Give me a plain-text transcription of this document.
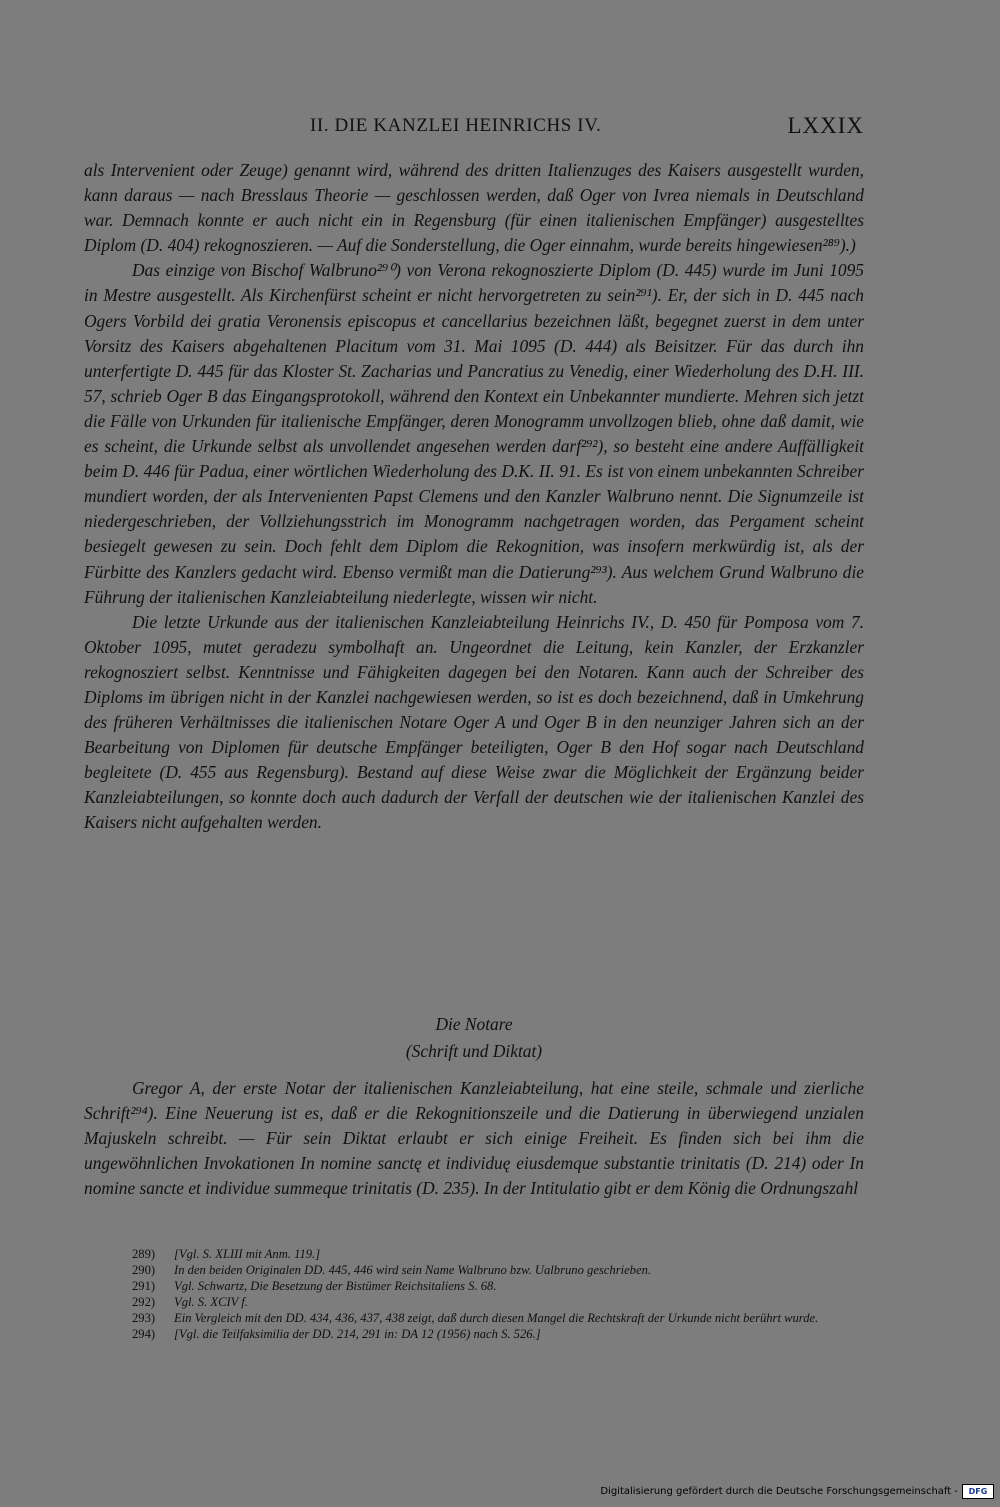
II. DIE KANZLEI HEINRICHS IV.	LXXIX

als Intervenient oder Zeuge) genannt wird, während des dritten Italienzuges des Kaisers ausgestellt wurden, kann daraus — nach Bresslaus Theorie — geschlossen werden, daß Oger von Ivrea niemals in Deutschland war. Demnach konnte er auch nicht ein in Regensburg (für einen italienischen Empfänger) ausgestelltes Diplom (D. 404) rekognoszieren. — Auf die Sonderstellung, die Oger einnahm, wurde bereits hingewiesen²⁸⁹).)

Das einzige von Bischof Walbruno²⁹⁰) von Verona rekognoszierte Diplom (D. 445) wurde im Juni 1095 in Mestre ausgestellt. Als Kirchenfürst scheint er nicht hervorgetreten zu sein²⁹¹). Er, der sich in D. 445 nach Ogers Vorbild dei gratia Veronensis episcopus et cancellarius bezeichnen läßt, begegnet zuerst in dem unter Vorsitz des Kaisers abgehaltenen Placitum vom 31. Mai 1095 (D. 444) als Beisitzer. Für das durch ihn unterfertigte D. 445 für das Kloster St. Zacharias und Pancratius zu Venedig, einer Wiederholung des D.H. III. 57, schrieb Oger B das Eingangsprotokoll, während den Kontext ein Unbekannter mundierte. Mehren sich jetzt die Fälle von Urkunden für italienische Empfänger, deren Monogramm unvollzogen blieb, ohne daß damit, wie es scheint, die Urkunde selbst als unvollendet angesehen werden darf²⁹²), so besteht eine andere Auffälligkeit beim D. 446 für Padua, einer wörtlichen Wiederholung des D.K. II. 91. Es ist von einem unbekannten Schreiber mundiert worden, der als Intervenienten Papst Clemens und den Kanzler Walbruno nennt. Die Signumzeile ist niedergeschrieben, der Vollziehungsstrich im Monogramm nachgetragen worden, das Pergament scheint besiegelt gewesen zu sein. Doch fehlt dem Diplom die Rekognition, was insofern merkwürdig ist, als der Fürbitte des Kanzlers gedacht wird. Ebenso vermißt man die Datierung²⁹³). Aus welchem Grund Walbruno die Führung der italienischen Kanzleiabteilung niederlegte, wissen wir nicht.

Die letzte Urkunde aus der italienischen Kanzleiabteilung Heinrichs IV., D. 450 für Pomposa vom 7. Oktober 1095, mutet geradezu symbolhaft an. Ungeordnet die Leitung, kein Kanzler, der Erzkanzler rekognosziert selbst. Kenntnisse und Fähigkeiten dagegen bei den Notaren. Kann auch der Schreiber des Diploms im übrigen nicht in der Kanzlei nachgewiesen werden, so ist es doch bezeichnend, daß in Umkehrung des früheren Verhältnisses die italienischen Notare Oger A und Oger B in den neunziger Jahren sich an der Bearbeitung von Diplomen für deutsche Empfänger beteiligten, Oger B den Hof sogar nach Deutschland begleitete (D. 455 aus Regensburg). Bestand auf diese Weise zwar die Möglichkeit der Ergänzung beider Kanzleiabteilungen, so konnte doch auch dadurch der Verfall der deutschen wie der italienischen Kanzlei des Kaisers nicht aufgehalten werden.

Die Notare
(Schrift und Diktat)

Gregor A, der erste Notar der italienischen Kanzleiabteilung, hat eine steile, schmale und zierliche Schrift²⁹⁴). Eine Neuerung ist es, daß er die Rekognitionszeile und die Datierung in überwiegend unzialen Majuskeln schreibt. — Für sein Diktat erlaubt er sich einige Freiheit. Es finden sich bei ihm die ungewöhnlichen Invokationen In nomine sanctę et individuę eiusdemque substantie trinitatis (D. 214) oder In nomine sancte et individue summeque trinitatis (D. 235). In der Intitulatio gibt er dem König die Ordnungszahl

289) [Vgl. S. XLIII mit Anm. 119.]
290) In den beiden Originalen DD. 445, 446 wird sein Name Walbruno bzw. Ualbruno geschrieben.
291) Vgl. Schwartz, Die Besetzung der Bistümer Reichsitaliens S. 68.
292) Vgl. S. XCIV f.
293) Ein Vergleich mit den DD. 434, 436, 437, 438 zeigt, daß durch diesen Mangel die Rechtskraft der Urkunde nicht berührt wurde.
294) [Vgl. die Teilfaksimilia der DD. 214, 291 in: DA 12 (1956) nach S. 526.]
Digitalisierung gefördert durch die Deutsche Forschungsgemeinschaft -	DFG
